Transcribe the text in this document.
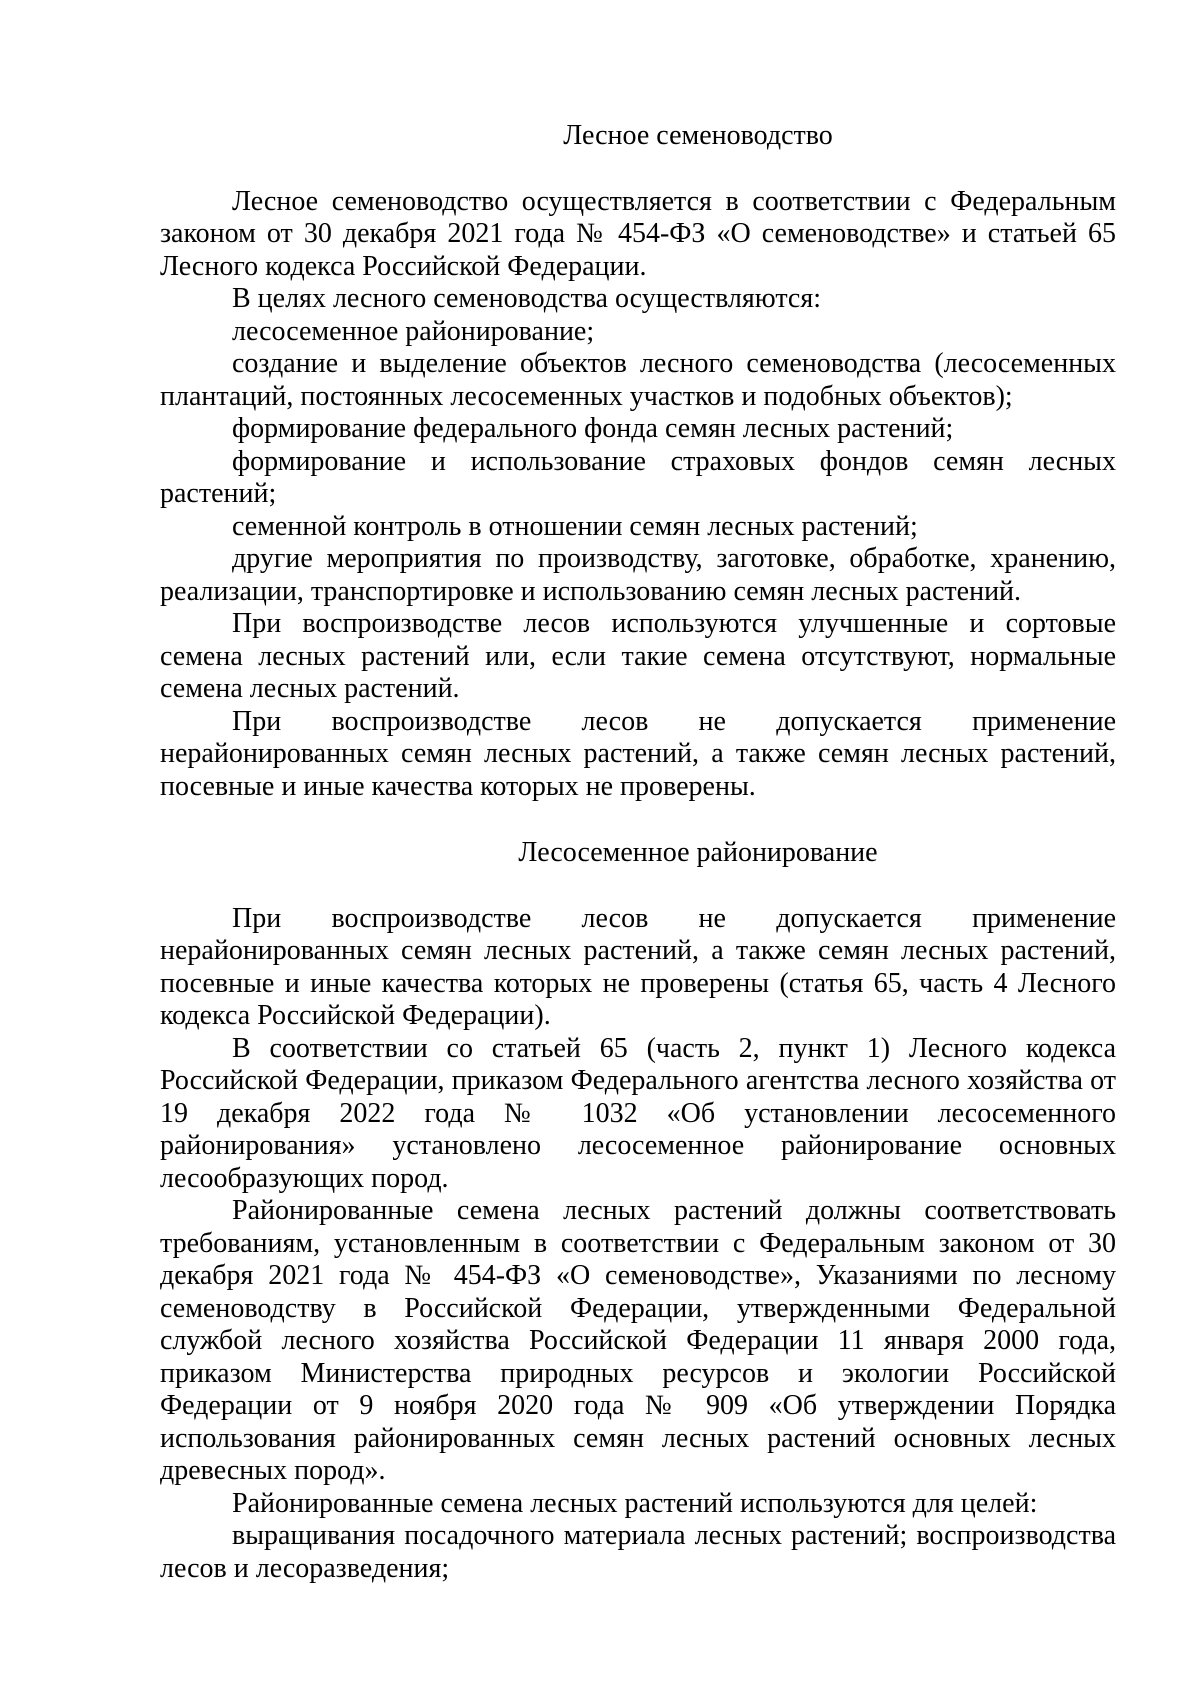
Лесное семеноводство

Лесное семеноводство осуществляется в соответствии с Федеральным законом от 30 декабря 2021 года № 454-ФЗ «О семеноводстве» и статьей 65 Лесного кодекса Российской Федерации.

В целях лесного семеноводства осуществляются:

лесосеменное районирование;

создание и выделение объектов лесного семеноводства (лесосеменных плантаций, постоянных лесосеменных участков и подобных объектов);

формирование федерального фонда семян лесных растений;

формирование и использование страховых фондов семян лесных растений;

семенной контроль в отношении семян лесных растений;

другие мероприятия по производству, заготовке, обработке, хранению, реализации, транспортировке и использованию семян лесных растений.

При воспроизводстве лесов используются улучшенные и сортовые семена лесных растений или, если такие семена отсутствуют, нормальные семена лесных растений.

При воспроизводстве лесов не допускается применение нерайонированных семян лесных растений, а также семян лесных растений, посевные и иные качества которых не проверены.

Лесосеменное районирование

При воспроизводстве лесов не допускается применение нерайонированных семян лесных растений, а также семян лесных растений, посевные и иные качества которых не проверены (статья 65, часть 4 Лесного кодекса Российской Федерации).

В соответствии со статьей 65 (часть 2, пункт 1) Лесного кодекса Российской Федерации, приказом Федерального агентства лесного хозяйства от 19 декабря 2022 года № 1032 «Об установлении лесосеменного районирования» установлено лесосеменное районирование основных лесообразующих пород.

Районированные семена лесных растений должны соответствовать требованиям, установленным в соответствии с Федеральным законом от 30 декабря 2021 года № 454-ФЗ «О семеноводстве», Указаниями по лесному семеноводству в Российской Федерации, утвержденными Федеральной службой лесного хозяйства Российской Федерации 11 января 2000 года, приказом Министерства природных ресурсов и экологии Российской Федерации от 9 ноября 2020 года № 909 «Об утверждении Порядка использования районированных семян лесных растений основных лесных древесных пород».

Районированные семена лесных растений используются для целей:

выращивания посадочного материала лесных растений; воспроизводства лесов и лесоразведения;
